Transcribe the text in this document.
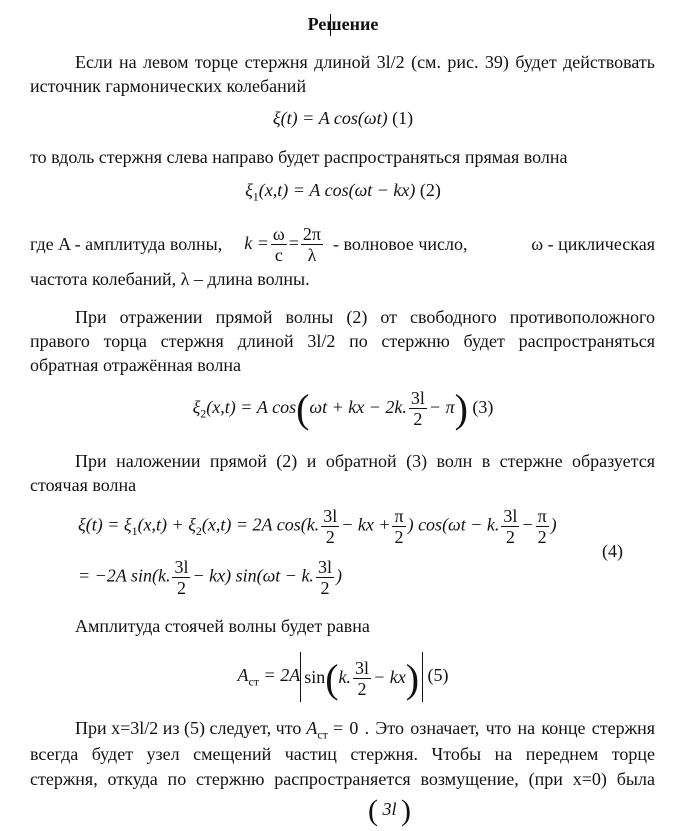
Решение
Если на левом торце стержня длиной 3l/2 (см. рис. 39) будет действовать
источник гармонических колебаний
ξ(t) = A cos(ωt) (1)
то вдоль стержня слева направо будет распространяться прямая волна
$\xi_1(x,t) = A$ cos(ωt − kx) (2)
где A - амплитуда волны, $k = \frac{\omega}{c} = \frac{2\pi}{\lambda}$ - волновое число,	ω - циклическая
частота колебаний, λ – длина волны.
При отражении прямой волны (2) от свободного противоположного
правого торца стержня длиной 3l/2 по стержню будет распространяться
обратная отражённая волна
$\xi_2(x,t) = A$ cos(ωt + kx − 2k. $\frac{3l}{2} - \pi$) (3)
При наложении прямой (2) и обратной (3) волн в стержне образуется
стоячая волна
$\xi(t) = \xi_1(x,t) + \xi_2(x,t) = 2A$ cos(k. $\frac{3l}{2}$ − kx + $\frac{\pi}{2}$ ) cos(ωt − k. $\frac{3l}{2} - \frac{\pi}{2}$ )
(4)
= −2A sin(k. $\frac{3l}{2} - kx$) sin(ωt − k. $\frac{3l}{2}$ )
Амплитуда стоячей волны будет равна
$A_{ст} = 2A$ sin(k. $\frac{3l}{2} - kx$) (5)
При x=3l/2 из (5) следует, что $A_{ст} = 0$ . Это означает, что на конце стержня
всегда будет узел смещений частиц стержня. Чтобы на переднем торце
стержня, откуда по стержню распространяется возмущение, (при x=0) была
( 3l )
